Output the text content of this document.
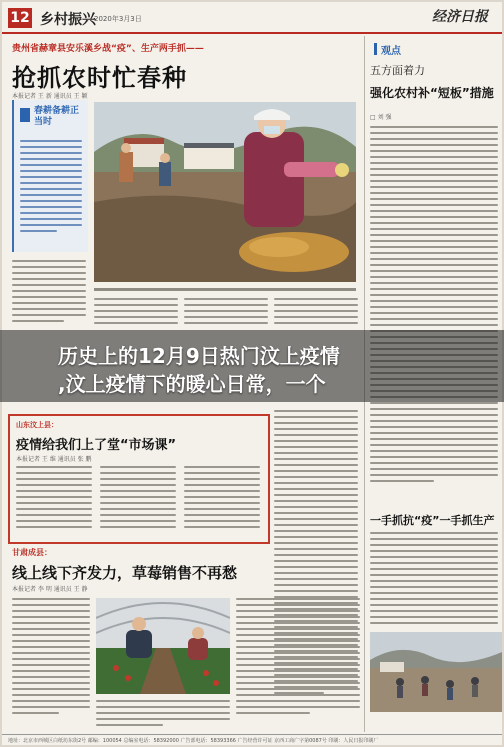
12 乡村振兴
2020年3月3日	经济日报
贵州省赫章县安乐溪乡战“疫”、生产两手抓——
抢抓农时忙春种
本报记者 王 新 通讯员 王 颖
春耕备耕正当时
观点
五方面着力
强化农村补“短板”措施
□ 刘 强
一手抓抗“疫”一手抓生产
山东汶上县：
疫情给我们上了堂“市场课”
本报记者 王 维 通讯员 张 鹏
甘肃成县：
线上线下齐发力，草莓销售不再愁
本报记者 李 明 通讯员 王 静
地址：北京市西城区白纸坊东街2号 邮编：100054 总编室电话：58392000 广告部电话：58393366 广告经营许可证 京西工商广字第0087号 印刷：人民日报印刷厂
历史上的12月9日热门汶上疫情
,汶上疫情下的暖心日常，一个
